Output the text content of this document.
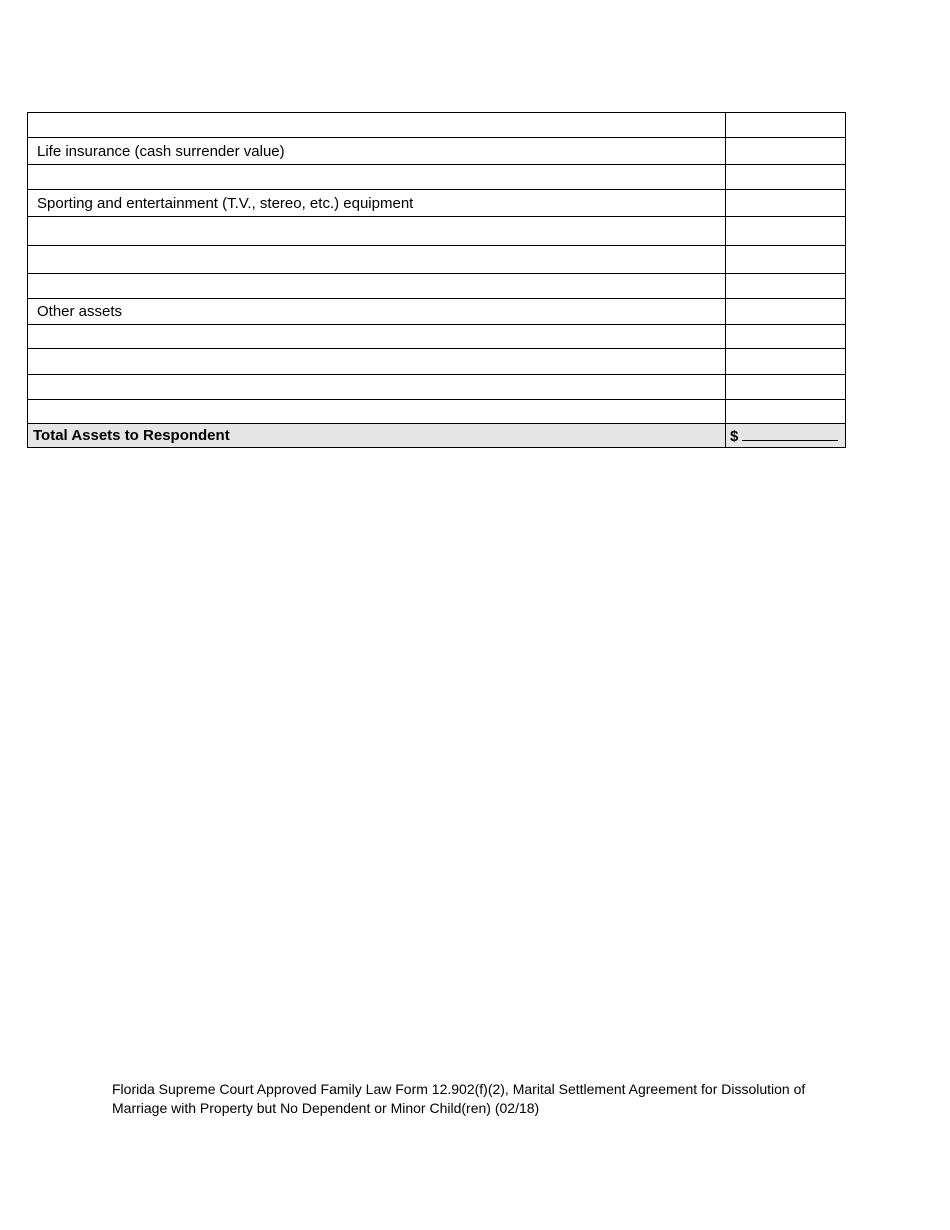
Life insurance (cash surrender value)	

Sporting and entertainment (T.V., stereo, etc.) equipment	

Other assets	

Total Assets to Respondent	$
Florida Supreme Court Approved Family Law Form 12.902(f)(2), Marital Settlement Agreement for Dissolution of
Marriage with Property but No Dependent or Minor Child(ren) (02/18)
